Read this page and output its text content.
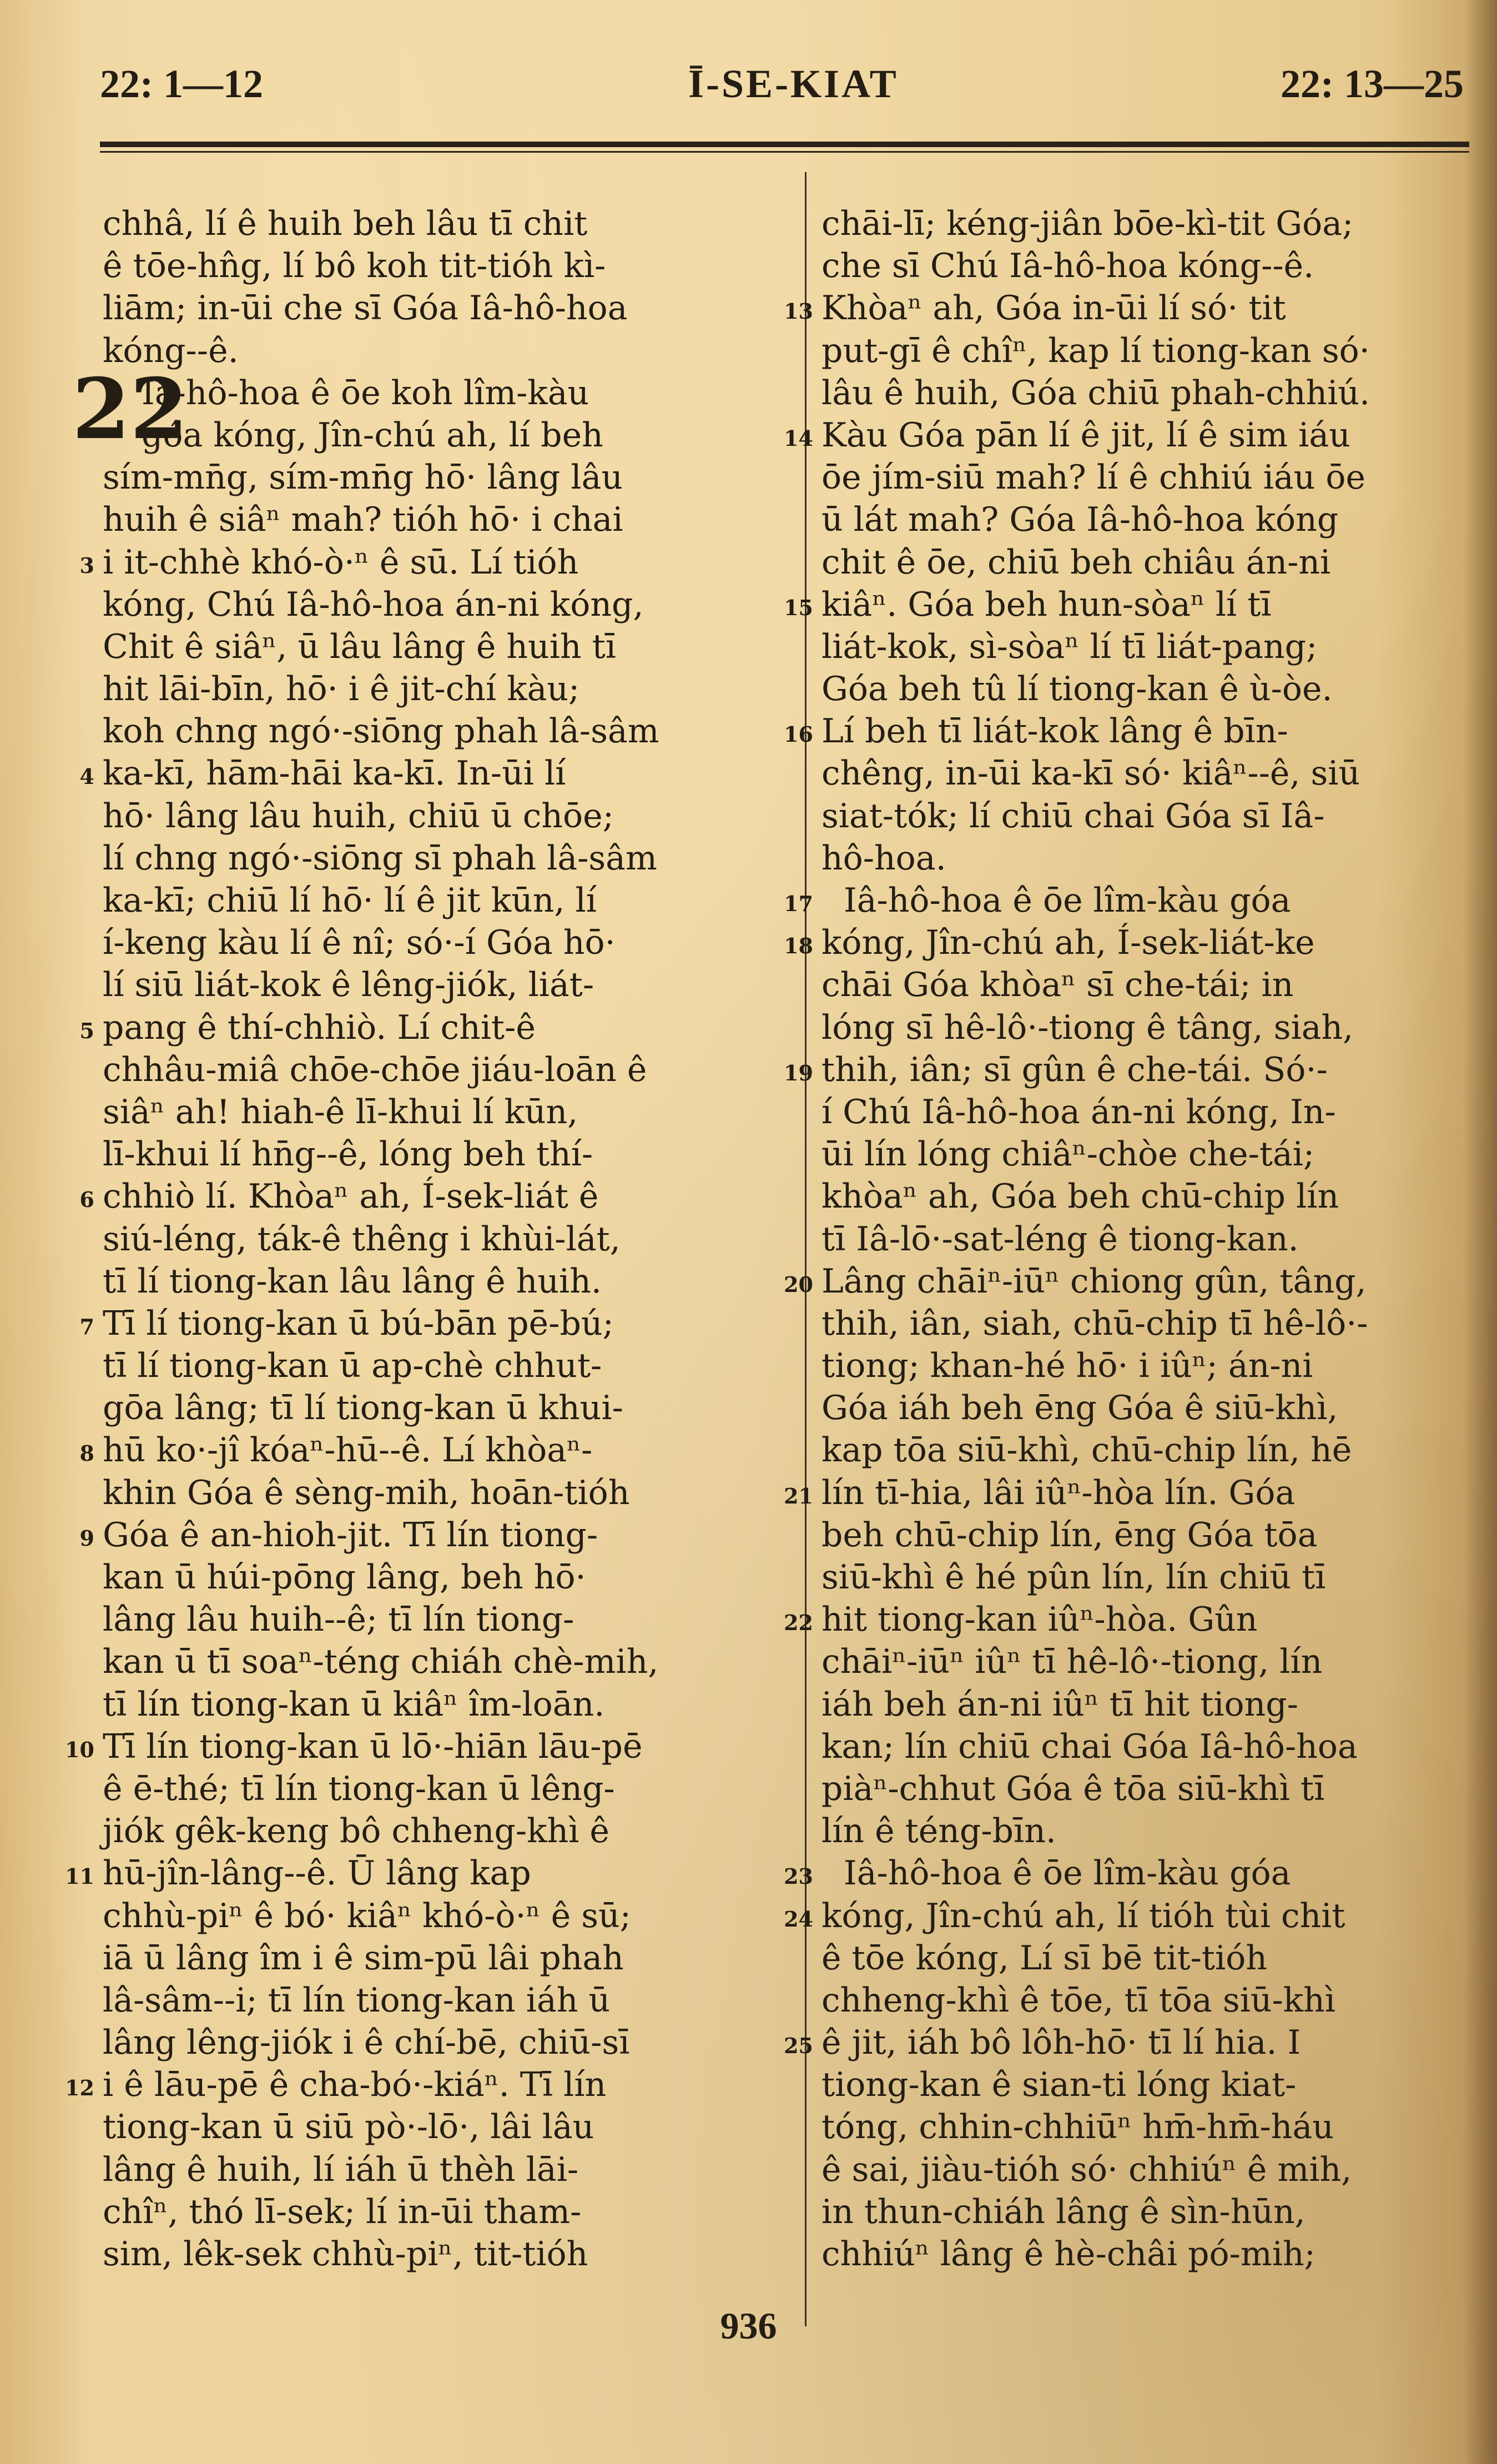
22: 1—12	Ī-SE-KIAT	22: 13—25
chhâ, lí ê huih beh lâu tī chit
ê tōe-hn̂g, lí bô koh tit-tióh kì-
liām; in-ūi che sī Góa Iâ-hô-hoa
kóng--ê.
22
Iâ-hô-hoa ê ōe koh lîm-kàu
góa kóng, Jîn-chú ah, lí beh
sím-mn̄g, sím-mn̄g hō· lâng lâu
huih ê siâⁿ mah? tióh hō· i chai
3 i it-chhè khó-ò·ⁿ ê sū. Lí tióh
kóng, Chú Iâ-hô-hoa án-ni kóng,
Chit ê siâⁿ, ū lâu lâng ê huih tī
hit lāi-bīn, hō· i ê jit-chí kàu;
koh chng ngó·-siōng phah lâ-sâm
4 ka-kī, hām-hāi ka-kī. In-ūi lí
hō· lâng lâu huih, chiū ū chōe;
lí chng ngó·-siōng sī phah lâ-sâm
ka-kī; chiū lí hō· lí ê jit kūn, lí
í-keng kàu lí ê nî; só·-í Góa hō·
lí siū liát-kok ê lêng-jiók, liát-
5 pang ê thí-chhiò. Lí chit-ê
chhâu-miâ chōe-chōe jiáu-loān ê
siâⁿ ah! hiah-ê lī-khui lí kūn,
lī-khui lí hn̄g--ê, lóng beh thí-
6 chhiò lí. Khòaⁿ ah, Í-sek-liát ê
siú-léng, ták-ê thêng i khùi-lát,
tī lí tiong-kan lâu lâng ê huih.
7 Tī lí tiong-kan ū bú-bān pē-bú;
tī lí tiong-kan ū ap-chè chhut-
gōa lâng; tī lí tiong-kan ū khui-
8 hū ko·-jî kóaⁿ-hū--ê. Lí khòaⁿ-
khin Góa ê sèng-mih, hoān-tióh
9 Góa ê an-hioh-jit. Tī lín tiong-
kan ū húi-pōng lâng, beh hō·
lâng lâu huih--ê; tī lín tiong-
kan ū tī soaⁿ-téng chiáh chè-mih,
tī lín tiong-kan ū kiâⁿ îm-loān.
10 Tī lín tiong-kan ū lō·-hiān lāu-pē
ê ē-thé; tī lín tiong-kan ū lêng-
jiók gêk-keng bô chheng-khì ê
11 hū-jîn-lâng--ê. Ū lâng kap
chhù-piⁿ ê bó· kiâⁿ khó-ò·ⁿ ê sū;
iā ū lâng îm i ê sim-pū lâi phah
lâ-sâm--i; tī lín tiong-kan iáh ū
lâng lêng-jiók i ê chí-bē, chiū-sī
12 i ê lāu-pē ê cha-bó·-kiáⁿ. Tī lín
tiong-kan ū siū pò·-lō·, lâi lâu
lâng ê huih, lí iáh ū thèh lāi-
chîⁿ, thó lī-sek; lí in-ūi tham-
sim, lêk-sek chhù-piⁿ, tit-tióh
chāi-lī; kéng-jiân bōe-kì-tit Góa;
che sī Chú Iâ-hô-hoa kóng--ê.
13 Khòaⁿ ah, Góa in-ūi lí só· tit
put-gī ê chîⁿ, kap lí tiong-kan só·
lâu ê huih, Góa chiū phah-chhiú.
14 Kàu Góa pān lí ê jit, lí ê sim iáu
ōe jím-siū mah? lí ê chhiú iáu ōe
ū lát mah? Góa Iâ-hô-hoa kóng
chit ê ōe, chiū beh chiâu án-ni
15 kiâⁿ. Góa beh hun-sòaⁿ lí tī
liát-kok, sì-sòaⁿ lí tī liát-pang;
Góa beh tû lí tiong-kan ê ù-òe.
16 Lí beh tī liát-kok lâng ê bīn-
chêng, in-ūi ka-kī só· kiâⁿ--ê, siū
siat-tók; lí chiū chai Góa sī Iâ-
hô-hoa.
17 Iâ-hô-hoa ê ōe lîm-kàu góa
18 kóng, Jîn-chú ah, Í-sek-liát-ke
chāi Góa khòaⁿ sī che-tái; in
lóng sī hê-lô·-tiong ê tâng, siah,
19 thih, iân; sī gûn ê che-tái. Só·-
í Chú Iâ-hô-hoa án-ni kóng, In-
ūi lín lóng chiâⁿ-chòe che-tái;
khòaⁿ ah, Góa beh chū-chip lín
tī Iâ-lō·-sat-léng ê tiong-kan.
20 Lâng chāiⁿ-iūⁿ chiong gûn, tâng,
thih, iân, siah, chū-chip tī hê-lô·-
tiong; khan-hé hō· i iûⁿ; án-ni
Góa iáh beh ēng Góa ê siū-khì,
kap tōa siū-khì, chū-chip lín, hē
21 lín tī-hia, lâi iûⁿ-hòa lín. Góa
beh chū-chip lín, ēng Góa tōa
siū-khì ê hé pûn lín, lín chiū tī
22 hit tiong-kan iûⁿ-hòa. Gûn
chāiⁿ-iūⁿ iûⁿ tī hê-lô·-tiong, lín
iáh beh án-ni iûⁿ tī hit tiong-
kan; lín chiū chai Góa Iâ-hô-hoa
piàⁿ-chhut Góa ê tōa siū-khì tī
lín ê téng-bīn.
23 Iâ-hô-hoa ê ōe lîm-kàu góa
24 kóng, Jîn-chú ah, lí tióh tùi chit
ê tōe kóng, Lí sī bē tit-tióh
chheng-khì ê tōe, tī tōa siū-khì
25 ê jit, iáh bô lôh-hō· tī lí hia. I
tiong-kan ê sian-ti lóng kiat-
tóng, chhin-chhiūⁿ hm̄-hm̄-háu
ê sai, jiàu-tióh só· chhiúⁿ ê mih,
in thun-chiáh lâng ê sìn-hūn,
chhiúⁿ lâng ê hè-châi pó-mih;
936
